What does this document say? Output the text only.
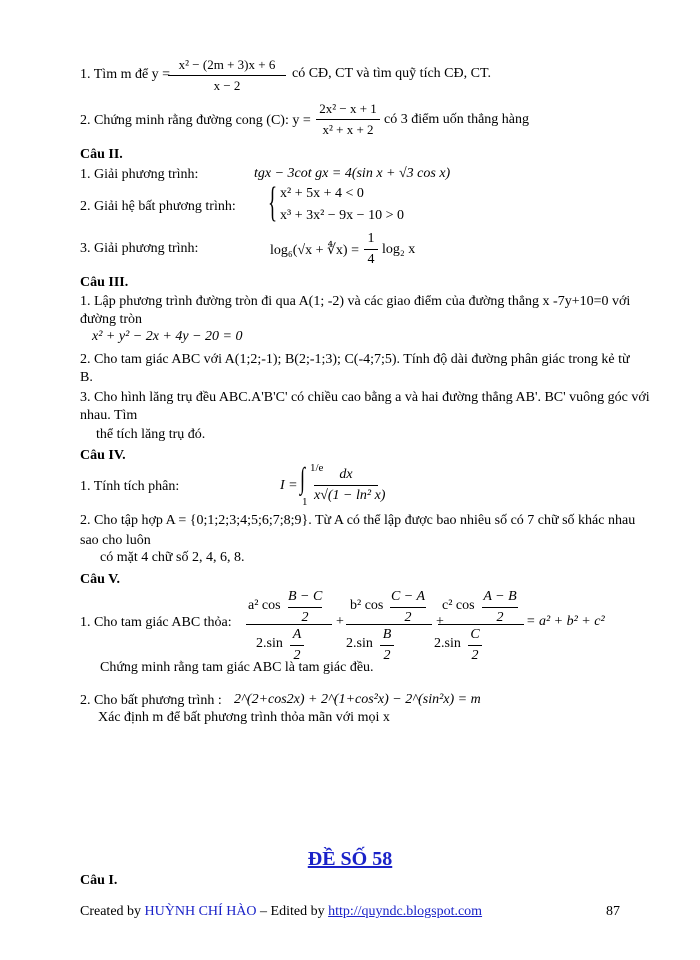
1. Tìm m để y =
x² − (2m + 3)x + 6
x − 2
có CĐ, CT và tìm quỹ tích CĐ, CT.
2. Chứng minh rằng đường cong (C): y =
2x² − x + 1
x² + x + 2
có 3 điểm uốn thẳng hàng
Câu II.
1. Giải phương trình:	tgx − 3cot gx = 4(sin x + √3 cos x)
2. Giải hệ bất phương trình: { x² + 5x + 4 < 0
x³ + 3x² − 9x − 10 > 0
3. Giải phương trình:	log₆(√x + ∜x) =
1
4
log₂ x
Câu III.
1. Lập phương trình đường tròn đi qua A(1; -2) và các giao điểm của đường thẳng x -7y+10=0 với
đường tròn
x² + y² − 2x + 4y − 20 = 0
2. Cho tam giác ABC với A(1;2;-1); B(2;-1;3); C(-4;7;5). Tính độ dài đường phân giác trong kẻ từ
B.
3. Cho hình lăng trụ đều ABC.A'B'C' có chiều cao bằng a và hai đường thẳng AB'. BC' vuông góc với
nhau. Tìm
thể tích lăng trụ đó.
Câu IV.
1. Tính tích phân:	I = ∫ 1/e
1
dx
x√(1 − ln² x)
2. Cho tập hợp A = {0;1;2;3;4;5;6;7;8;9}. Từ A có thể lập được bao nhiêu số có 7 chữ số khác nhau
sao cho luôn
có mặt 4 chữ số 2, 4, 6, 8.
Câu V.
1. Cho tam giác ABC thỏa:
a² cos
B − C
2
2.sin
A
2
+
b² cos
C − A
2
2.sin
B
2
+
c² cos
A − B
2
2.sin
C
2
= a² + b² + c²
Chứng minh rằng tam giác ABC là tam giác đều.
2. Cho bất phương trình : 2^(2+cos2x) + 2^(1+cos²x) − 2^(sin²x) = m
Xác định m để bất phương trình thỏa mãn với mọi x
ĐỀ SỐ 58
Câu I.
Created by HUỲNH CHÍ HÀO – Edited by http://quyndc.blogspot.com	87
